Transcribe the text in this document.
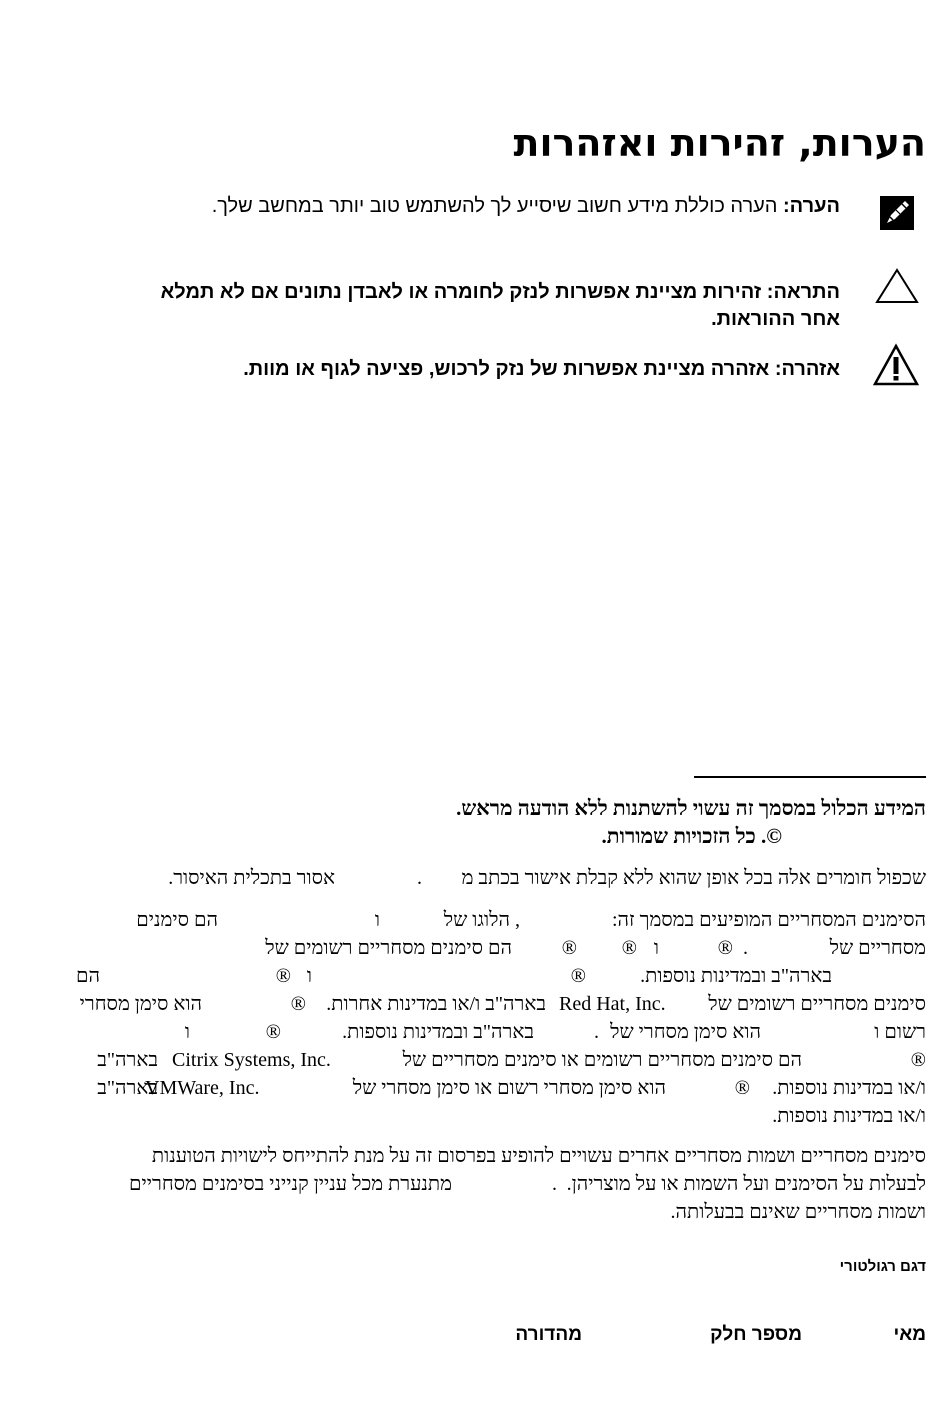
הערות, זהירות ואזהרות
הערה: הערה כוללת מידע חשוב שיסייע לך להשתמש טוב יותר במחשב שלך.
התראה: זהירות מציינת אפשרות לנזק לחומרה או לאבדן נתונים אם לא תמלא
אחר ההוראות.
אזהרה: אזהרה מציינת אפשרות של נזק לרכוש, פציעה לגוף או מוות.
המידע הכלול במסמך זה עשוי להשתנות ללא הודעה מראש.
©. כל הזכויות שמורות.
שכפול חומרים אלה בכל אופן שהוא ללא קבלת אישור בכתב מ
.
אסור בתכלית האיסור.
הסימנים המסחריים המופיעים במסמך זה:
, הלוגו של
ו
הם סימנים
מסחריים של
.
®
ו
®
®
הם סימנים מסחריים רשומים של
בארה"ב ובמדינות נוספות.
®
ו
®
הם
סימנים מסחריים רשומים של
Red Hat, Inc.
בארה"ב ו/או במדינות אחרות.
®
הוא סימן מסחרי
רשום ו
הוא סימן מסחרי של
.
בארה"ב ובמדינות נוספות.
®
ו
®
הם סימנים מסחריים רשומים או סימנים מסחריים של
Citrix Systems, Inc.
בארה"ב
ו/או במדינות נוספות.
®
הוא סימן מסחרי רשום או סימן מסחרי של
VMWare, Inc.
בארה"ב
ו/או במדינות נוספות.
סימנים מסחריים ושמות מסחריים אחרים עשויים להופיע בפרסום זה על מנת להתייחס לישויות הטוענות
לבעלות על הסימנים ועל השמות או על מוצריהן.
.
מתנערת מכל עניין קנייני בסימנים מסחריים
ושמות מסחריים שאינם בבעלותה.
דגם רגולטורי
מאי
מספר חלק
מהדורה
